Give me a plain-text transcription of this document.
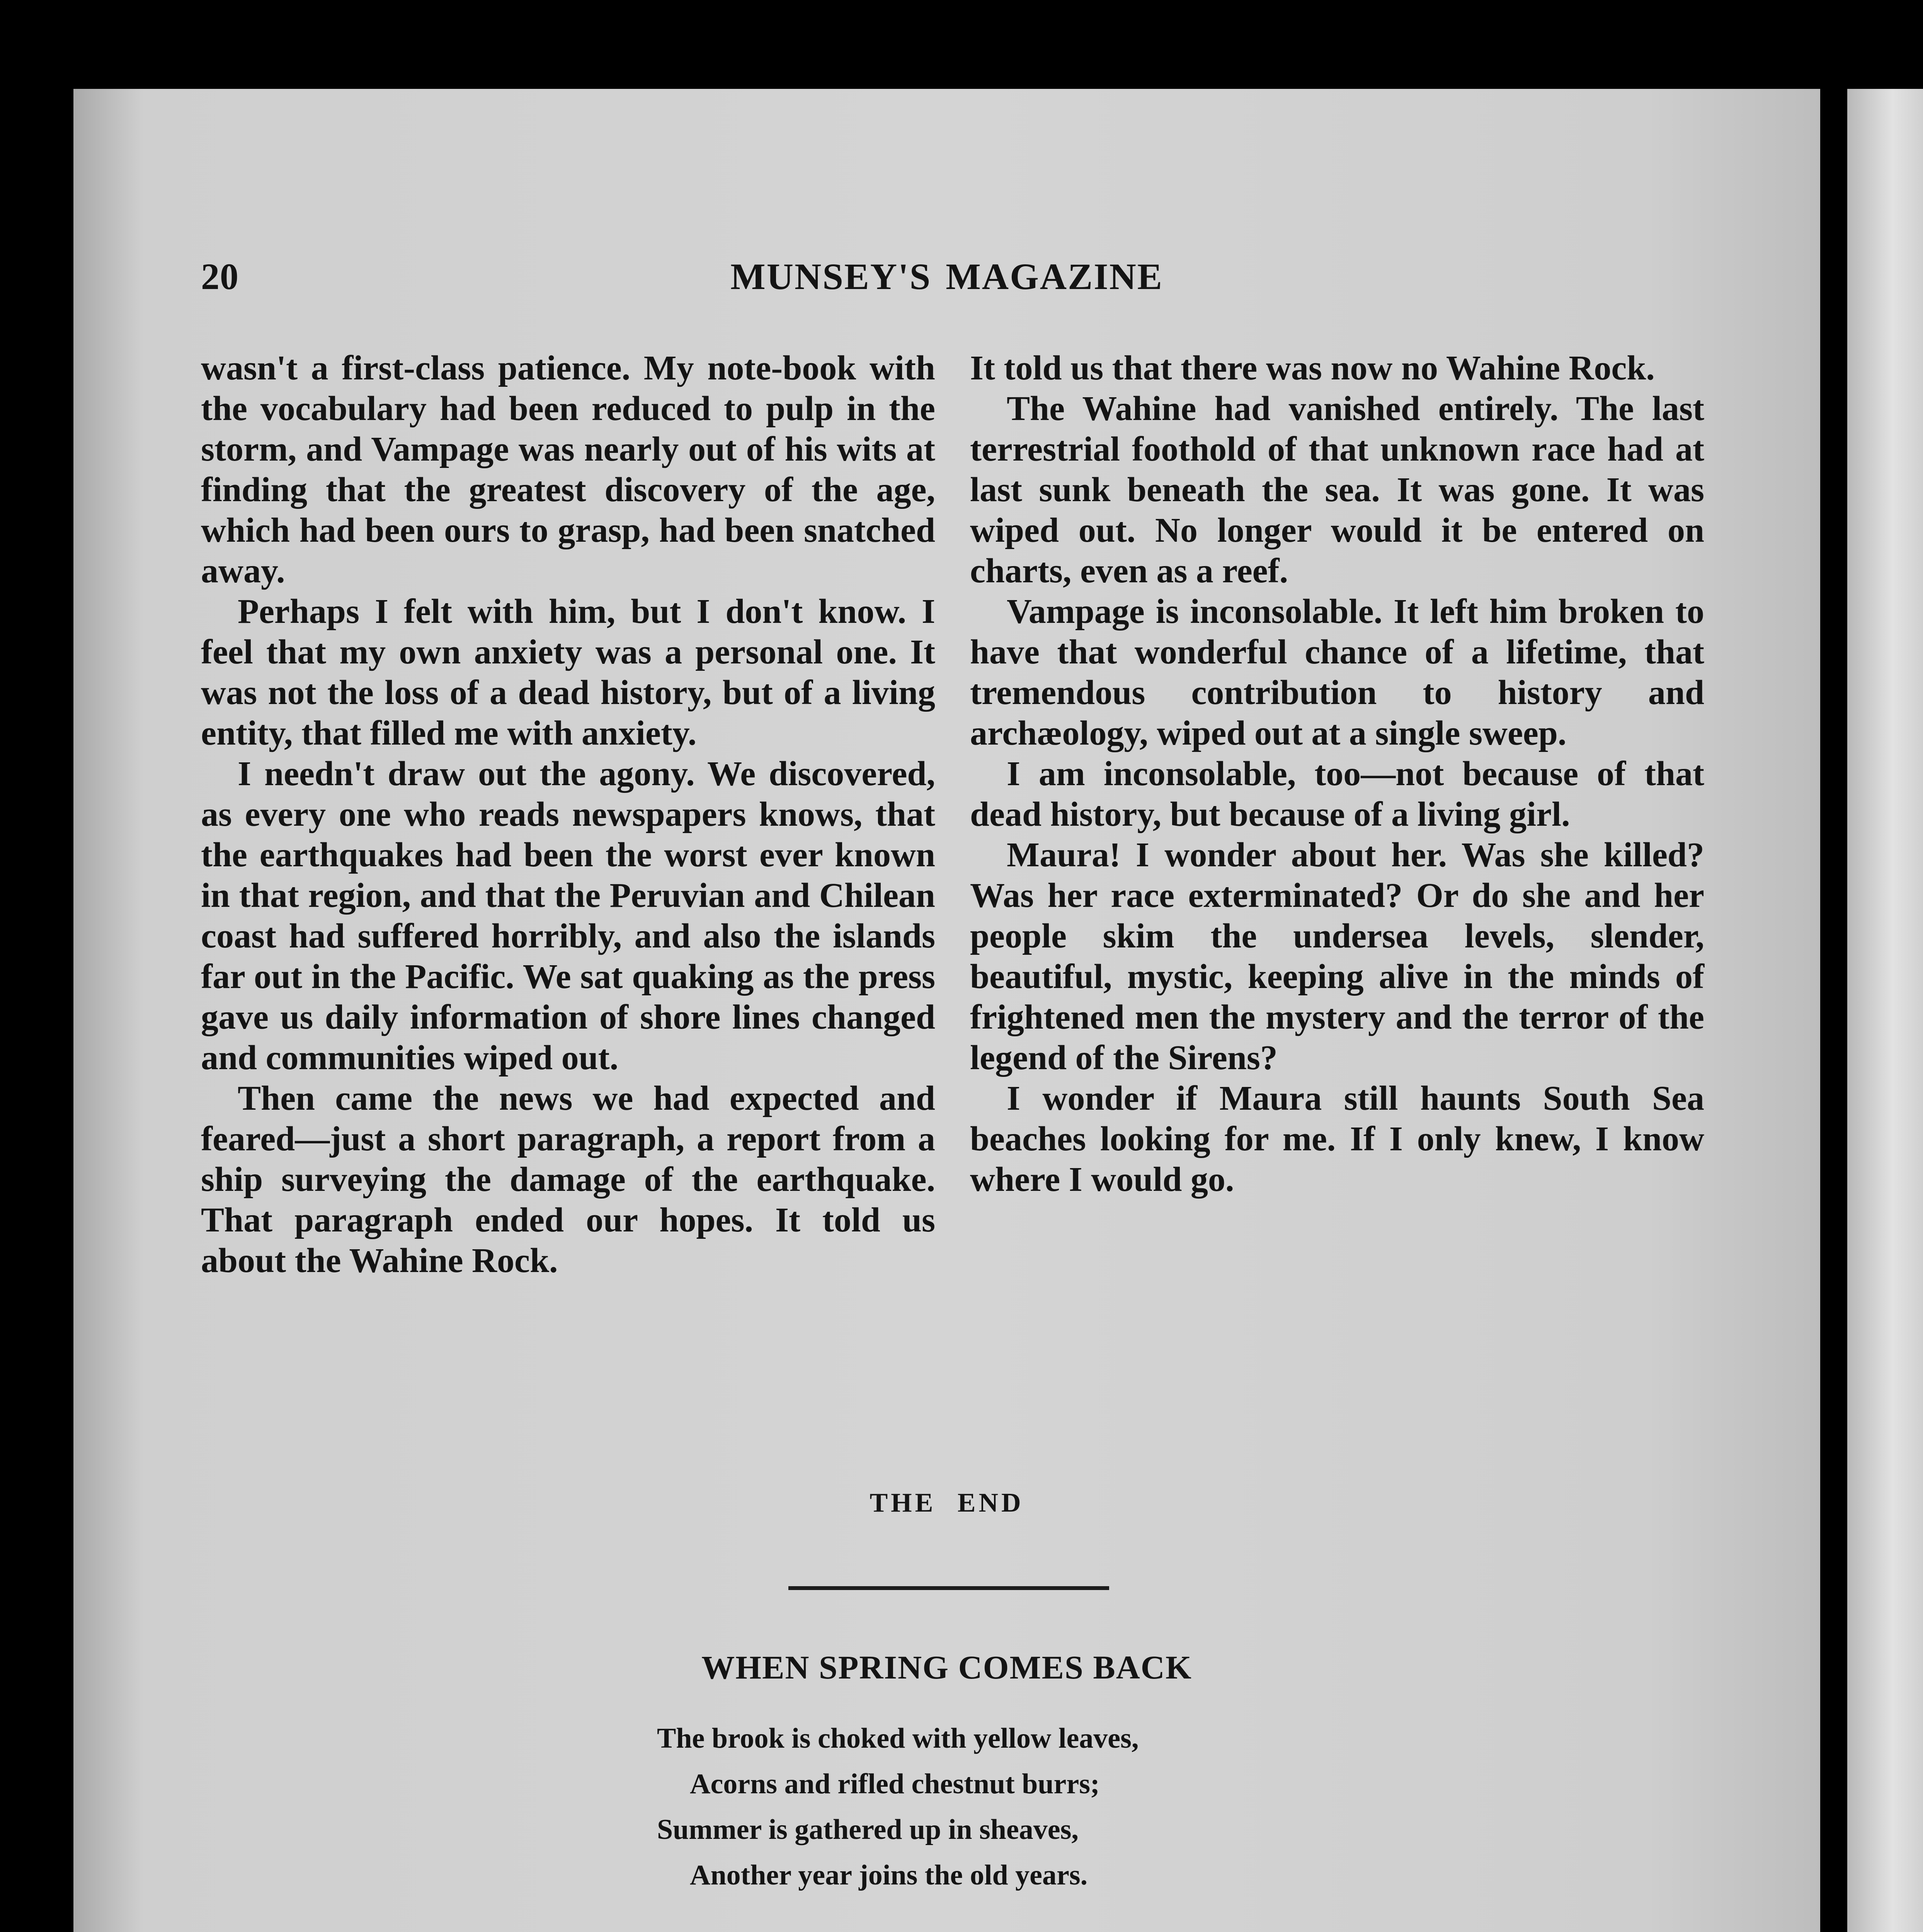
20	MUNSEY'S MAGAZINE

wasn't a first-class patience. My note-book with the vocabulary had been reduced to pulp in the storm, and Vampage was nearly out of his wits at finding that the greatest discovery of the age, which had been ours to grasp, had been snatched away.

Perhaps I felt with him, but I don't know. I feel that my own anxiety was a personal one. It was not the loss of a dead history, but of a living entity, that filled me with anxiety.

I needn't draw out the agony. We discovered, as every one who reads newspapers knows, that the earthquakes had been the worst ever known in that region, and that the Peruvian and Chilean coast had suffered horribly, and also the islands far out in the Pacific. We sat quaking as the press gave us daily information of shore lines changed and communities wiped out.

Then came the news we had expected and feared—just a short paragraph, a report from a ship surveying the damage of the earthquake. That paragraph ended our hopes. It told us about the Wahine Rock.

It told us that there was now no Wahine Rock.

The Wahine had vanished entirely. The last terrestrial foothold of that unknown race had at last sunk beneath the sea. It was gone. It was wiped out. No longer would it be entered on charts, even as a reef.

Vampage is inconsolable. It left him broken to have that wonderful chance of a lifetime, that tremendous contribution to history and archæology, wiped out at a single sweep.

I am inconsolable, too—not because of that dead history, but because of a living girl.

Maura! I wonder about her. Was she killed? Was her race exterminated? Or do she and her people skim the undersea levels, slender, beautiful, mystic, keeping alive in the minds of frightened men the mystery and the terror of the legend of the Sirens?

I wonder if Maura still haunts South Sea beaches looking for me. If I only knew, I know where I would go.

THE END
WHEN SPRING COMES BACK
The brook is choked with yellow leaves,
Acorns and rifled chestnut burrs;
Summer is gathered up in sheaves,
Another year joins the old years.
